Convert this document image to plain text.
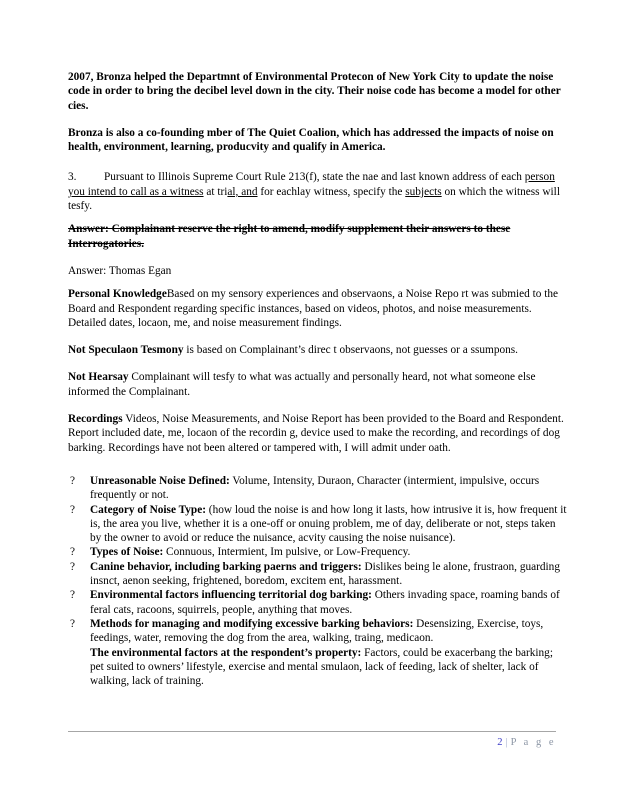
2007, Bronza helped the Departmnt of Environmental Protecon of New York City to update the noise code in order to bring the decibel level down in the city. Their noise code has become a model for other cies.

Bronza is also a co-founding mber of The Quiet Coalion, which has addressed the impacts of noise on health, environment, learning, producvity and qualify in America.

3. Pursuant to Illinois Supreme Court Rule 213(f), state the nae and last known address of each person you intend to call as a witness at trial, and for eachlay witness, specify the subjects on which the witness will tesfy.

Answer: Complainant reserve the right to amend, modify supplement their answers to these Interrogatories.

Answer: Thomas Egan

Personal KnowledgeBased on my sensory experiences and observaons, a Noise Repo rt was submied to the Board and Respondent regarding specific instances, based on videos, photos, and noise measurements. Detailed dates, locaon, me, and noise measurement findings.

Not Speculaon Tesmony is based on Complainant’s direc t observaons, not guesses or a ssumpons.

Not Hearsay Complainant will tesfy to what was actually and personally heard, not what someone else informed the Complainant.

Recordings Videos, Noise Measurements, and Noise Report has been provided to the Board and Respondent. Report included date, me, locaon of the recordin g, device used to make the recording, and recordings of dog barking. Recordings have not been altered or tampered with, I will admit under oath.

? Unreasonable Noise Defined: Volume, Intensity, Duraon, Character (intermient, impulsive, occurs frequently or not.
? Category of Noise Type: (how loud the noise is and how long it lasts, how intrusive it is, how frequent it is, the area you live, whether it is a one-off or onuing problem, me of day, deliberate or not, steps taken by the owner to avoid or reduce the nuisance, acvity causing the noise nuisance).
? Types of Noise: Connuous, Intermient, Im pulsive, or Low-Frequency.
? Canine behavior, including barking paerns and triggers: Dislikes being le alone, frustraon, guarding insnct, aenon seeking, frightened, boredom, excitem ent, harassment.
? Environmental factors influencing territorial dog barking: Others invading space, roaming bands of feral cats, racoons, squirrels, people, anything that moves.
? Methods for managing and modifying excessive barking behaviors: Desensizing, Exercise, toys, feedings, water, removing the dog from the area, walking, traing, medicaon.
The environmental factors at the respondent’s property: Factors, could be exacerbang the barking; pet suited to owners’ lifestyle, exercise and mental smulaon, lack of feeding, lack of shelter, lack of walking, lack of training.
2 | P a g e
